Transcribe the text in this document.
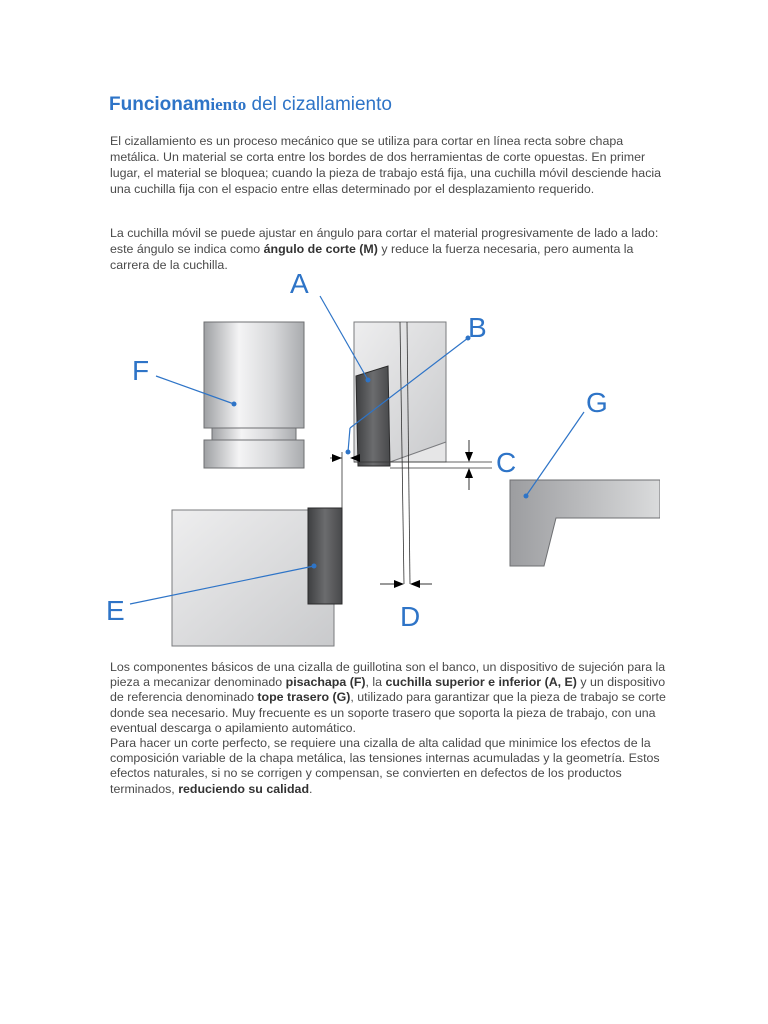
Funcionamiento del cizallamiento
El cizallamiento es un proceso mecánico que se utiliza para cortar en línea recta sobre chapa metálica. Un material se corta entre los bordes de dos herramientas de corte opuestas. En primer lugar, el material se bloquea; cuando la pieza de trabajo está fija, una cuchilla móvil desciende hacia una cuchilla fija con el espacio entre ellas determinado por el desplazamiento requerido.
La cuchilla móvil se puede ajustar en ángulo para cortar el material progresivamente de lado a lado: este ángulo se indica como ángulo de corte (M) y reduce la fuerza necesaria, pero aumenta la carrera de la cuchilla.
A
B
C
D
E
F
G
Los componentes básicos de una cizalla de guillotina son el banco, un dispositivo de sujeción para la pieza a mecanizar denominado pisachapa (F), la cuchilla superior e inferior (A, E) y un dispositivo de referencia denominado tope trasero (G), utilizado para garantizar que la pieza de trabajo se corte donde sea necesario. Muy frecuente es un soporte trasero que soporta la pieza de trabajo, con una eventual descarga o apilamiento automático.
Para hacer un corte perfecto, se requiere una cizalla de alta calidad que minimice los efectos de la composición variable de la chapa metálica, las tensiones internas acumuladas y la geometría. Estos efectos naturales, si no se corrigen y compensan, se convierten en defectos de los productos terminados, reduciendo su calidad.
